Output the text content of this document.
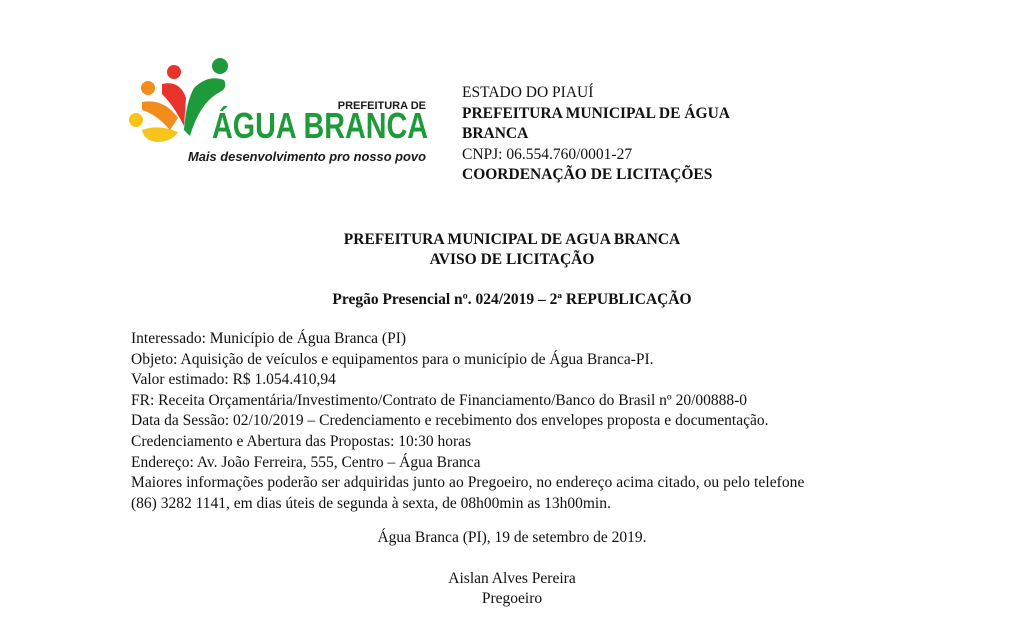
PREFEITURA DE
ÁGUA BRANCA
Mais desenvolvimento pro nosso povo
ESTADO DO PIAUÍ
PREFEITURA MUNICIPAL DE ÁGUA
BRANCA
CNPJ: 06.554.760/0001-27
COORDENAÇÃO DE LICITAÇÕES
PREFEITURA MUNICIPAL DE AGUA BRANCA
AVISO DE LICITAÇÃO
Pregão Presencial nº. 024/2019 – 2ª REPUBLICAÇÃO
Interessado: Município de Água Branca (PI)
Objeto: Aquisição de veículos e equipamentos para o município de Água Branca-PI.
Valor estimado: R$ 1.054.410,94
FR: Receita Orçamentária/Investimento/Contrato de Financiamento/Banco do Brasil nº 20/00888-0
Data da Sessão: 02/10/2019 – Credenciamento e recebimento dos envelopes proposta e documentação.
Credenciamento e Abertura das Propostas: 10:30 horas
Endereço: Av. João Ferreira, 555, Centro – Água Branca
Maiores informações poderão ser adquiridas junto ao Pregoeiro, no endereço acima citado, ou pelo telefone
(86) 3282 1141, em dias úteis de segunda à sexta, de 08h00min as 13h00min.
Água Branca (PI), 19 de setembro de 2019.
Aislan Alves Pereira
Pregoeiro
